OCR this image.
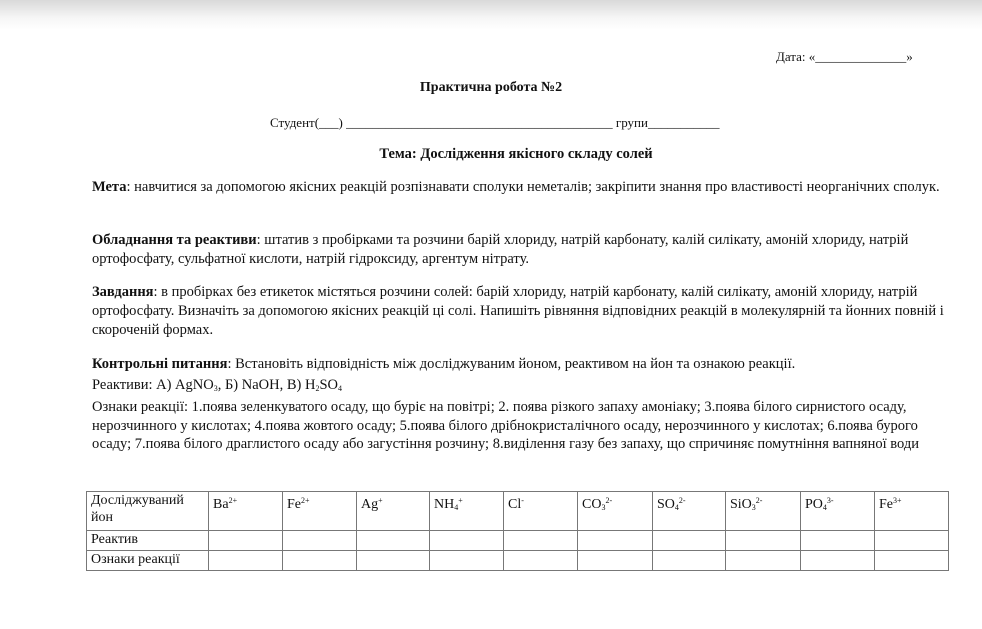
Дата: «______________»
Практична робота №2
Студент(___) _________________________________________ групи___________
Тема: Дослідження якісного складу солей
Мета: навчитися за допомогою якісних реакцій розпізнавати сполуки неметалів; закріпити знання про властивості неорганічних сполук.
Обладнання та реактиви: штатив з пробірками та розчини барій хлориду, натрій карбонату, калій силікату, амоній хлориду, натрій ортофосфату, сульфатної кислоти, натрій гідроксиду, аргентум нітрату.
Завдання: в пробірках без етикеток містяться розчини солей: барій хлориду, натрій карбонату, калій силікату, амоній хлориду, натрій ортофосфату. Визначіть за допомогою якісних реакцій ці солі. Напишіть рівняння відповідних реакцій в молекулярній та йонних повній і скороченій формах.
Контрольні питання: Встановіть відповідність між досліджуваним йоном, реактивом на йон та ознакою реакції.
Реактиви: А) AgNO$_3$, Б) NaOH, В) $H_2SO_4$
Ознаки реакції: 1.поява зеленкуватого осаду, що буріє на повітрі; 2. поява різкого запаху амоніаку; 3.поява білого сирнистого осаду, нерозчинного у кислотах; 4.поява жовтого осаду; 5.поява білого дрібнокристалічного осаду, нерозчинного у кислотах; 6.поява бурого осаду; 7.поява білого драглистого осаду або загустіння розчину; 8.виділення газу без запаху, що спричиняє помутніння вапняної води
Досліджуваний йон	$Ba^{2+}$	$Fe^{2+}$	Ag+	$NH_4^+$	Cl-	$CO_3^{2-}$	$SO_4^{2-}$	SiO$_3^{2-}$	$PO_4^{3-}$	$Fe^{3+}$
Реактив										
Ознаки реакції										
